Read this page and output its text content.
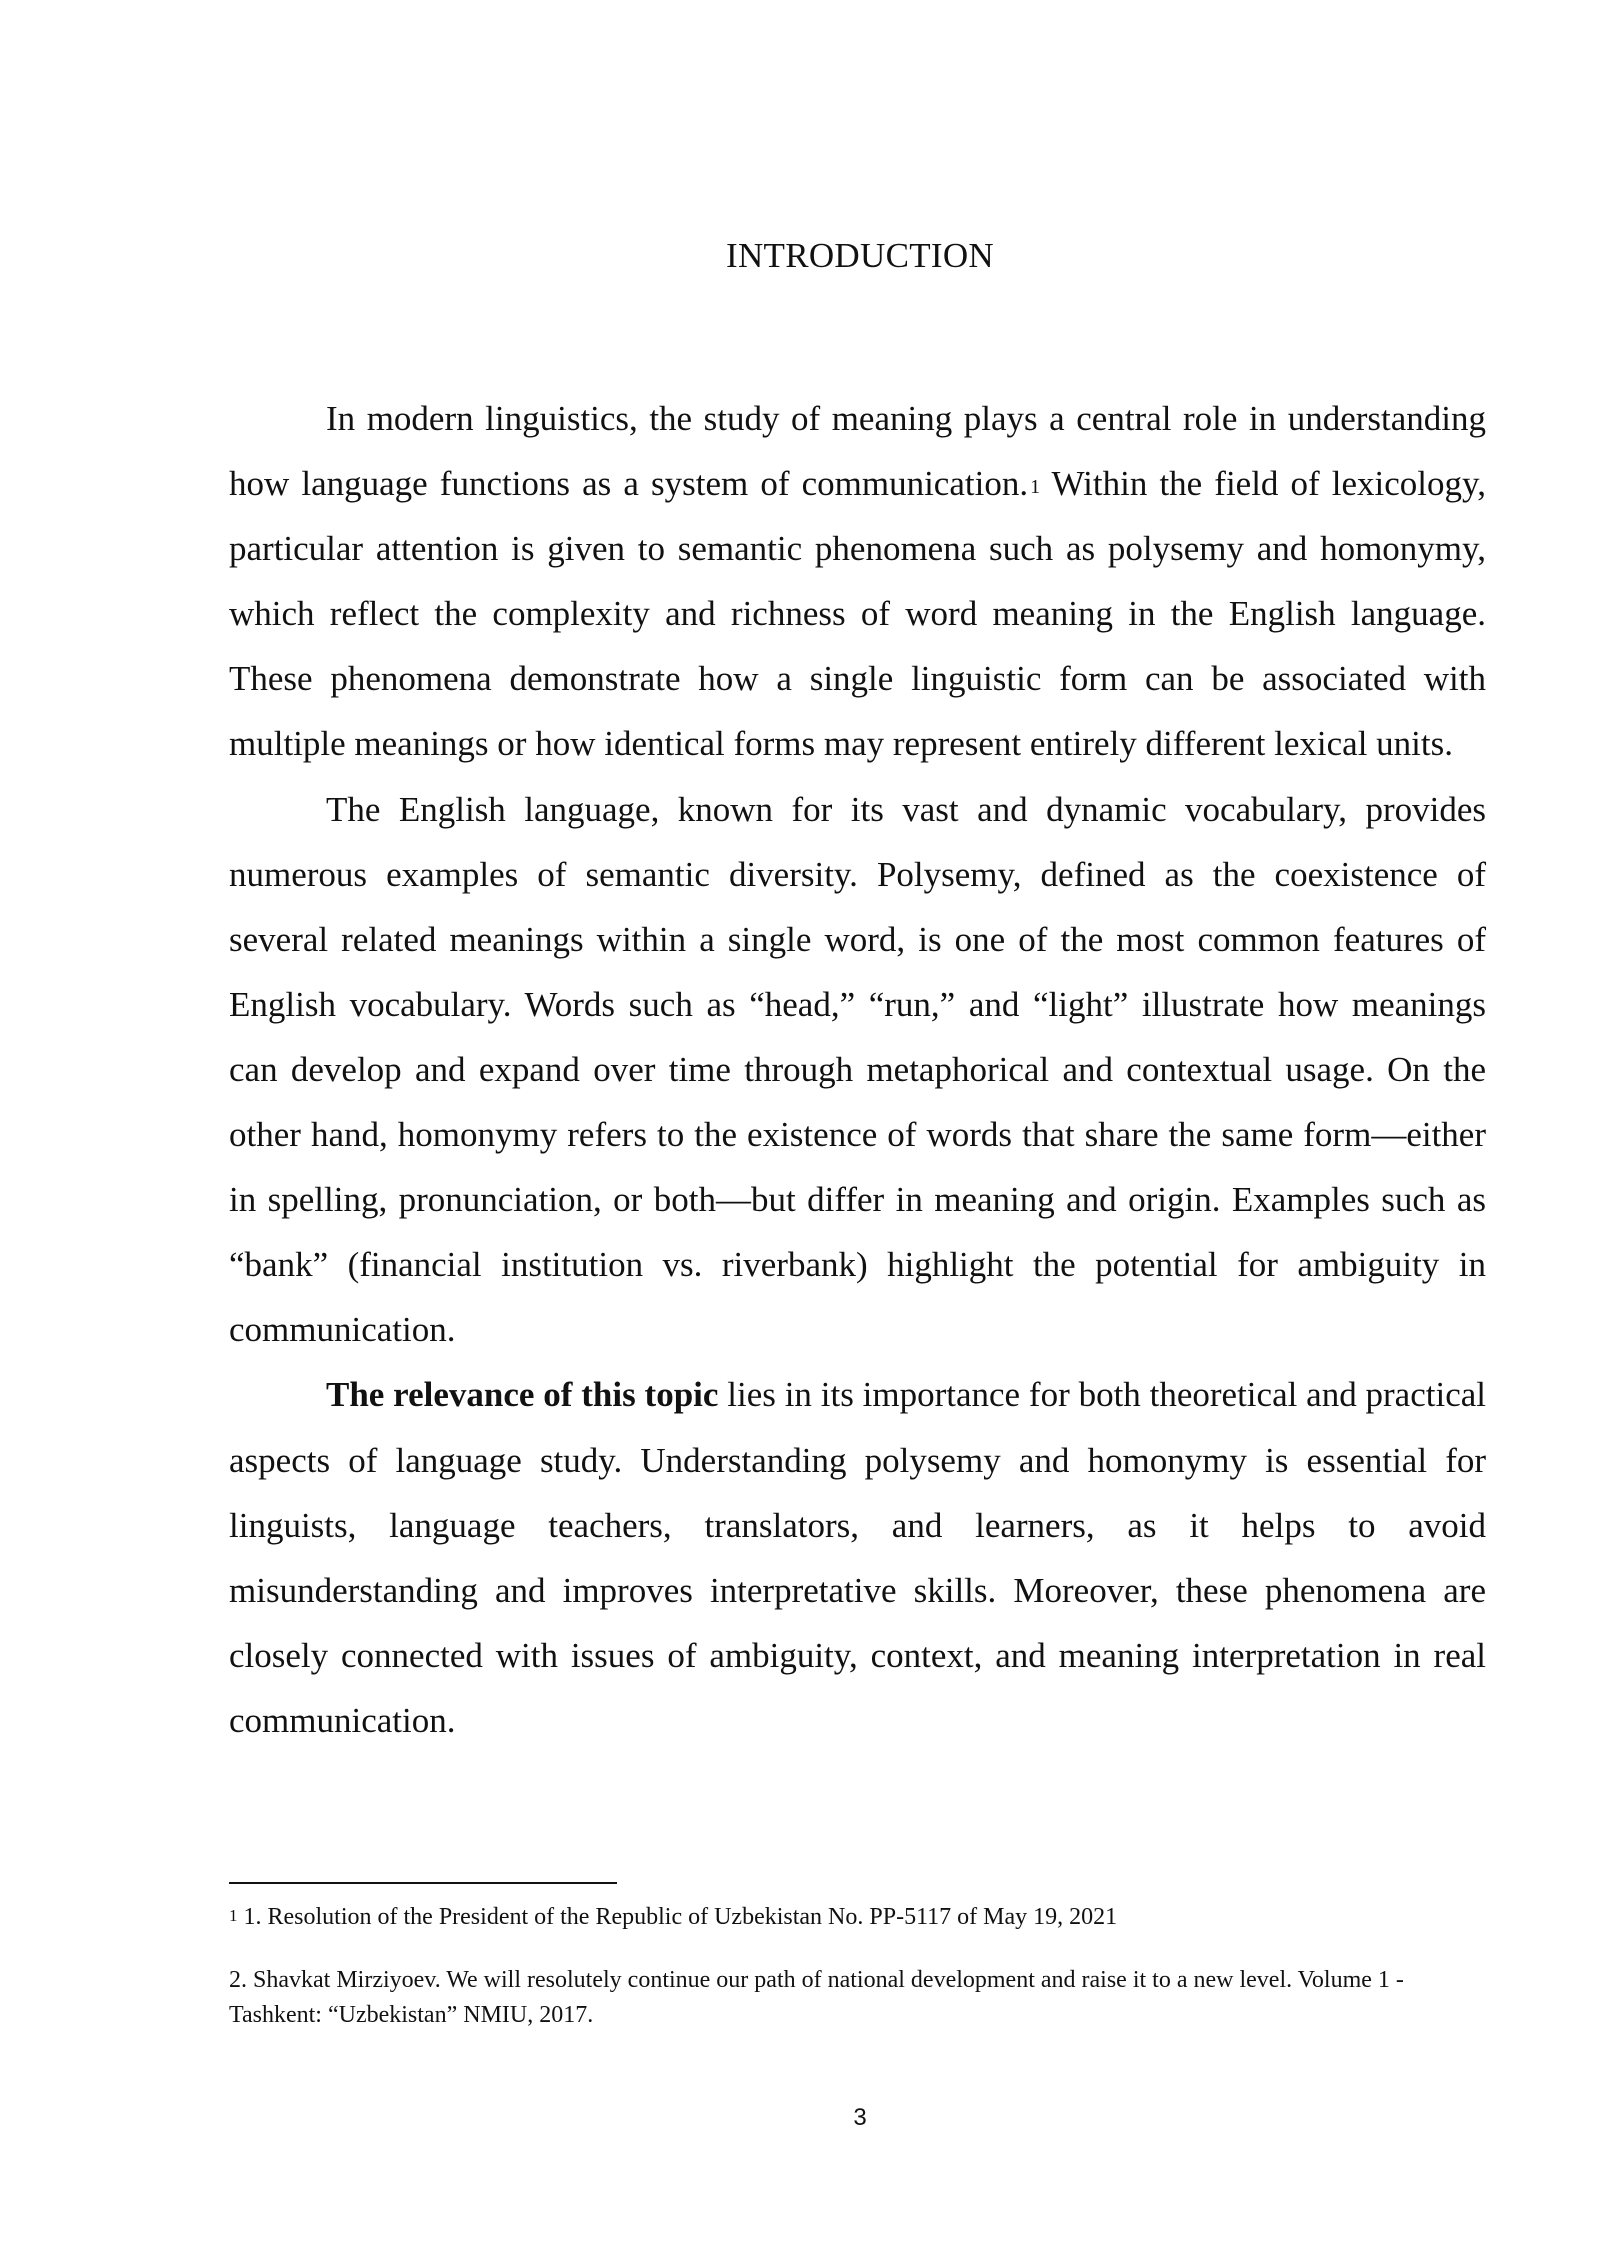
INTRODUCTION

In modern linguistics, the study of meaning plays a central role in understanding how language functions as a system of communication. $^1$ Within the field of lexicology, particular attention is given to semantic phenomena such as polysemy and homonymy, which reflect the complexity and richness of word meaning in the English language. These phenomena demonstrate how a single linguistic form can be associated with multiple meanings or how identical forms may represent entirely different lexical units.

The English language, known for its vast and dynamic vocabulary, provides numerous examples of semantic diversity. Polysemy, defined as the coexistence of several related meanings within a single word, is one of the most common features of English vocabulary. Words such as “head,” “run,” and “light” illustrate how meanings can develop and expand over time through metaphorical and contextual usage. On the other hand, homonymy refers to the existence of words that share the same form—either in spelling, pronunciation, or both—but differ in meaning and origin. Examples such as “bank” (financial institution vs. riverbank) highlight the potential for ambiguity in communication.

The relevance of this topic lies in its importance for both theoretical and practical aspects of language study. Understanding polysemy and homonymy is essential for linguists, language teachers, translators, and learners, as it helps to avoid misunderstanding and improves interpretative skills. Moreover, these phenomena are closely connected with issues of ambiguity, context, and meaning interpretation in real communication.

$^1$ 1. Resolution of the President of the Republic of Uzbekistan No. PP-5117 of May 19, 2021

2. Shavkat Mirziyoev. We will resolutely continue our path of national development and raise it to a new level. Volume 1 - Tashkent: “Uzbekistan” NMIU, 2017.

3
